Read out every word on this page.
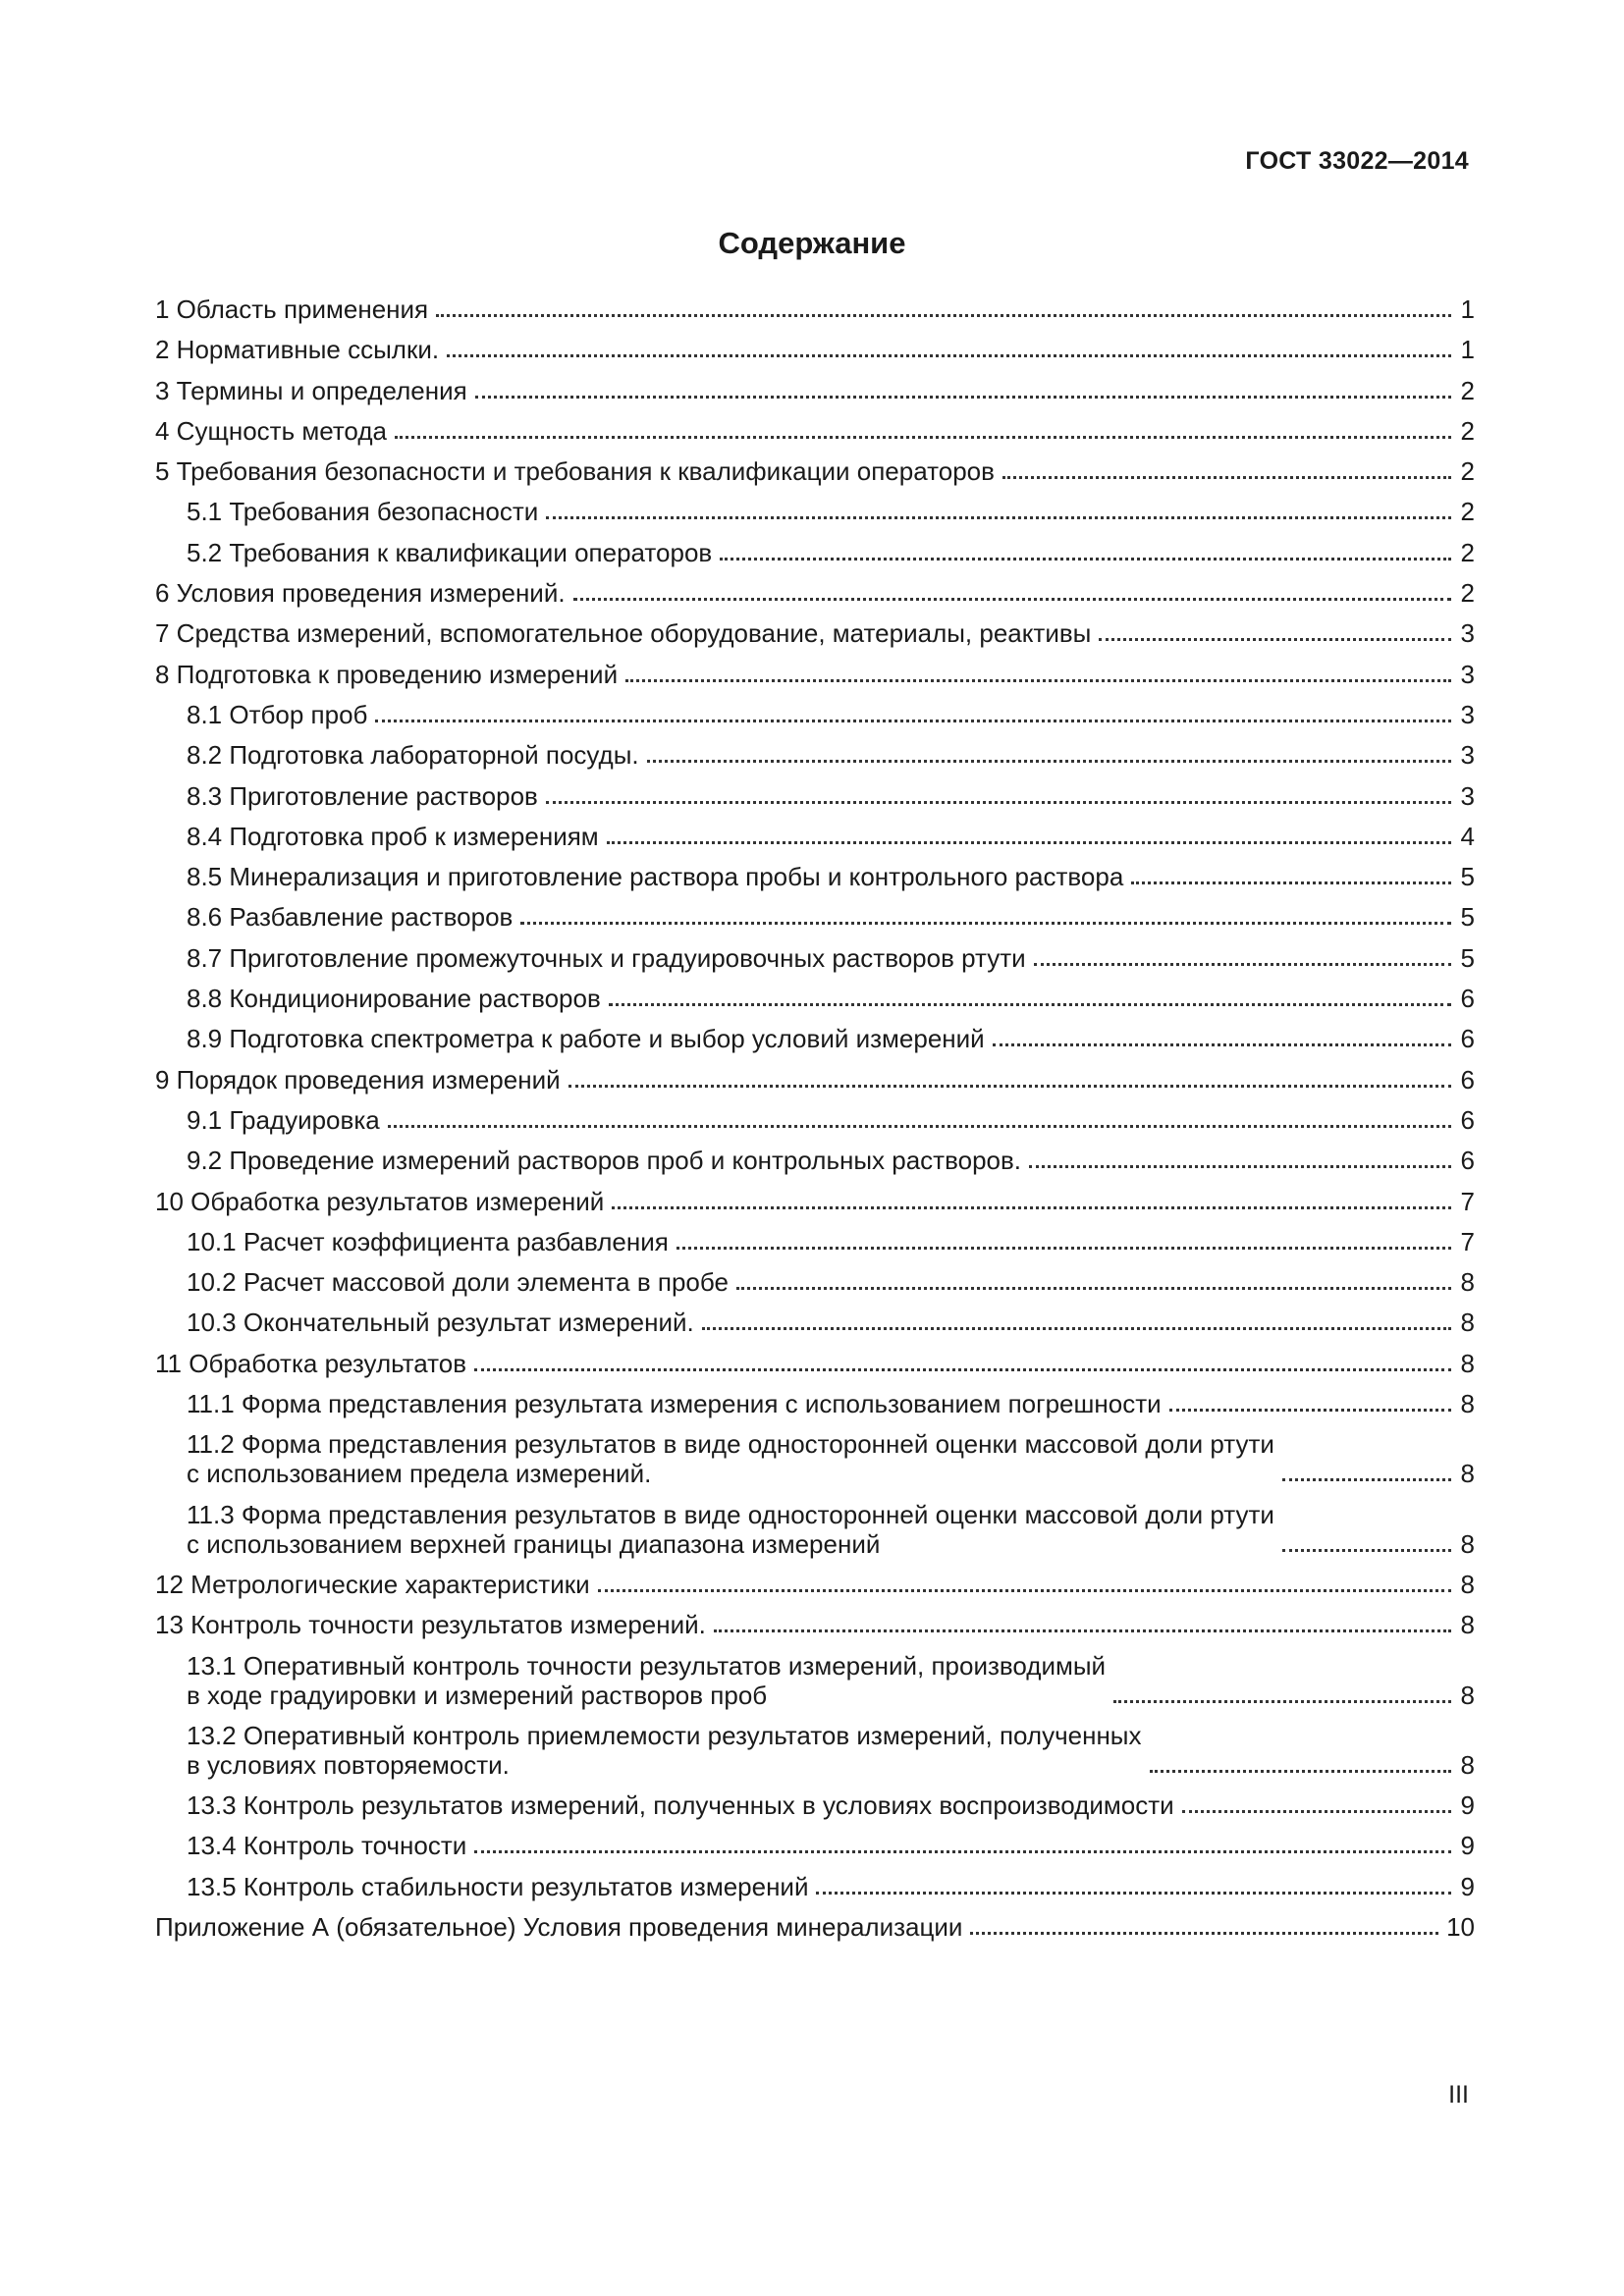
ГОСТ 33022—2014
Содержание
1 Область применения	1
2 Нормативные ссылки.	1
3 Термины и определения	2
4 Сущность метода	2
5 Требования безопасности и требования к квалификации операторов	2
5.1 Требования безопасности	2
5.2 Требования к квалификации операторов	2
6 Условия проведения измерений.	2
7 Средства измерений, вспомогательное оборудование, материалы, реактивы	3
8 Подготовка к проведению измерений	3
8.1 Отбор проб	3
8.2 Подготовка лабораторной посуды.	3
8.3 Приготовление растворов	3
8.4 Подготовка проб к измерениям	4
8.5 Минерализация и приготовление раствора пробы и контрольного раствора	5
8.6 Разбавление растворов	5
8.7 Приготовление промежуточных и градуировочных растворов ртути	5
8.8 Кондиционирование растворов	6
8.9 Подготовка спектрометра к работе и выбор условий измерений	6
9 Порядок проведения измерений	6
9.1 Градуировка	6
9.2 Проведение измерений растворов проб и контрольных растворов.	6
10 Обработка результатов измерений	7
10.1 Расчет коэффициента разбавления	7
10.2 Расчет массовой доли элемента в пробе	8
10.3 Окончательный результат измерений.	8
11 Обработка результатов	8
11.1 Форма представления результата измерения с использованием погрешности	8
11.2 Форма представления результатов в виде односторонней оценки массовой доли ртути
с использованием предела измерений.	8
11.3 Форма представления результатов в виде односторонней оценки массовой доли ртути
с использованием верхней границы диапазона измерений	8
12 Метрологические характеристики	8
13 Контроль точности результатов измерений.	8
13.1 Оперативный контроль точности результатов измерений, производимый
в ходе градуировки и измерений растворов проб	8
13.2 Оперативный контроль приемлемости результатов измерений, полученных
в условиях повторяемости.	8
13.3 Контроль результатов измерений, полученных в условиях воспроизводимости	9
13.4 Контроль точности	9
13.5 Контроль стабильности результатов измерений	9
Приложение А (обязательное) Условия проведения минерализации	10
III
